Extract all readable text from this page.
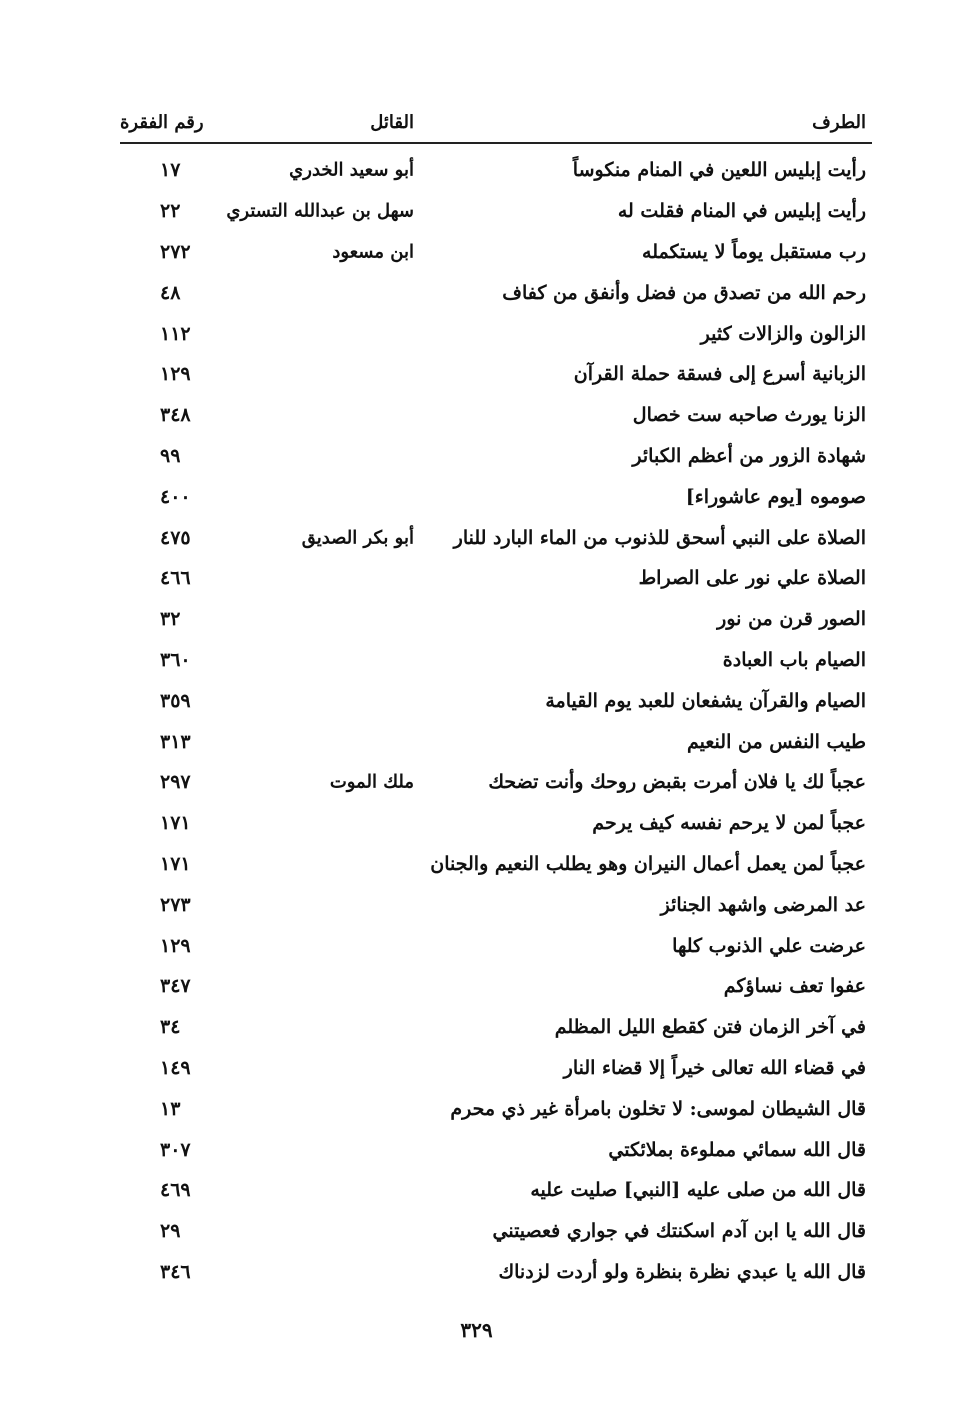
الطرف
القائل
رقم الفقرة
رأيت إبليس اللعين في المنام منكوساً
أبو سعيد الخدري
١٧
رأيت إبليس في المنام فقلت له
سهل بن عبدالله التستري
٢٢
رب مستقبل يوماً لا يستكمله
ابن مسعود
٢٧٢
رحم الله من تصدق من فضل وأنفق من كفاف
٤٨
الزالون والزالات كثير
١١٢
الزبانية أسرع إلى فسقة حملة القرآن
١٢٩
الزنا يورث صاحبه ست خصال
٣٤٨
شهادة الزور من أعظم الكبائر
٩٩
صوموه [يوم عاشوراء]
٤٠٠
الصلاة على النبي أسحق للذنوب من الماء البارد للنار
أبو بكر الصديق
٤٧٥
الصلاة علي نور على الصراط
٤٦٦
الصور قرن من نور
٣٢
الصيام باب العبادة
٣٦٠
الصيام والقرآن يشفعان للعبد يوم القيامة
٣٥٩
طيب النفس من النعيم
٣١٣
عجباً لك يا فلان أمرت بقبض روحك وأنت تضحك
ملك الموت
٢٩٧
عجباً لمن لا يرحم نفسه كيف يرحم
١٧١
عجباً لمن يعمل أعمال النيران وهو يطلب النعيم والجنان
١٧١
عد المرضى واشهد الجنائز
٢٧٣
عرضت علي الذنوب كلها
١٢٩
عفوا تعف نساؤكم
٣٤٧
في آخر الزمان فتن كقطع الليل المظلم
٣٤
في قضاء الله تعالى خيراً إلا قضاء النار
١٤٩
قال الشيطان لموسى: لا تخلون بامرأة غير ذي محرم
١٣
قال الله سمائي مملوءة بملائكتي
٣٠٧
قال الله من صلى عليه [النبي] صليت عليه
٤٦٩
قال الله يا ابن آدم اسكنتك في جواري فعصيتني
٢٩
قال الله يا عبدي نظرة بنظرة ولو أردت لزدناك
٣٤٦
٣٢٩
